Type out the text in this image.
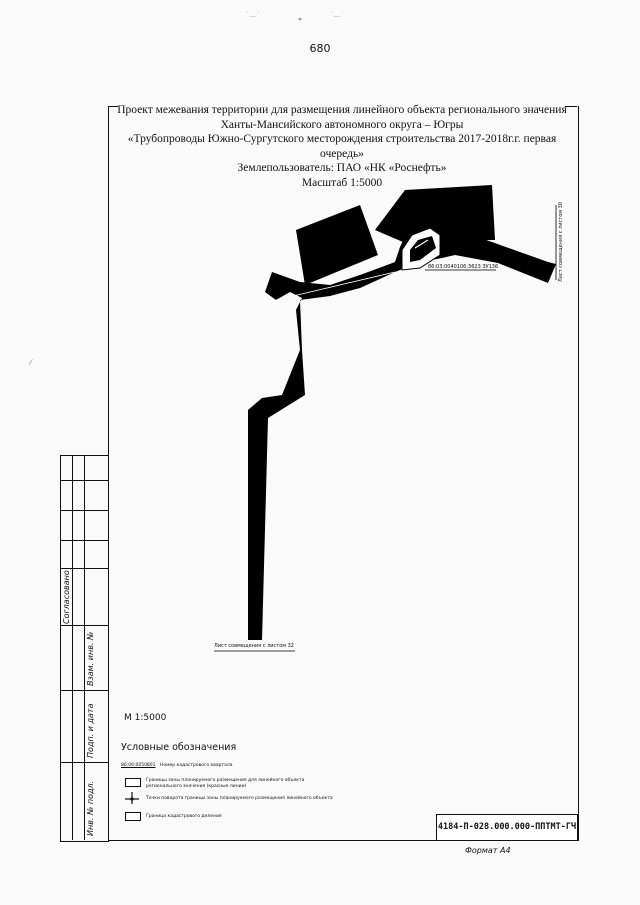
·‿·	·‿·
*
680
Проект межевания территории для размещения линейного объекта регионального значения
Ханты-Мансийского автономного округа – Югры
«Трубопроводы Южно-Сургутского месторождения строительства 2017-2018г.г. первая
очередь»
Землепользователь: ПАО «НК «Роснефть»
Масштаб 1:5000
86:03:0040106:3623 ЗУ136
Лист совмещения с листом 32
Лист совмещения с листом 30
Согласовано
Взам. инв. №
Подп. и дата
Инв. № подл.
М 1:5000
Условные обозначения
86:06:0050801 Номер кадастрового квартала
Границы зоны планируемого размещения для линейного объекта
регионального значения (красные линии)
Точки поворота границы зоны планируемого размещения линейного объекта
Граница кадастрового деления
4184-П-028.000.000-ППТМТ-ГЧ
Формат А4
⁄
